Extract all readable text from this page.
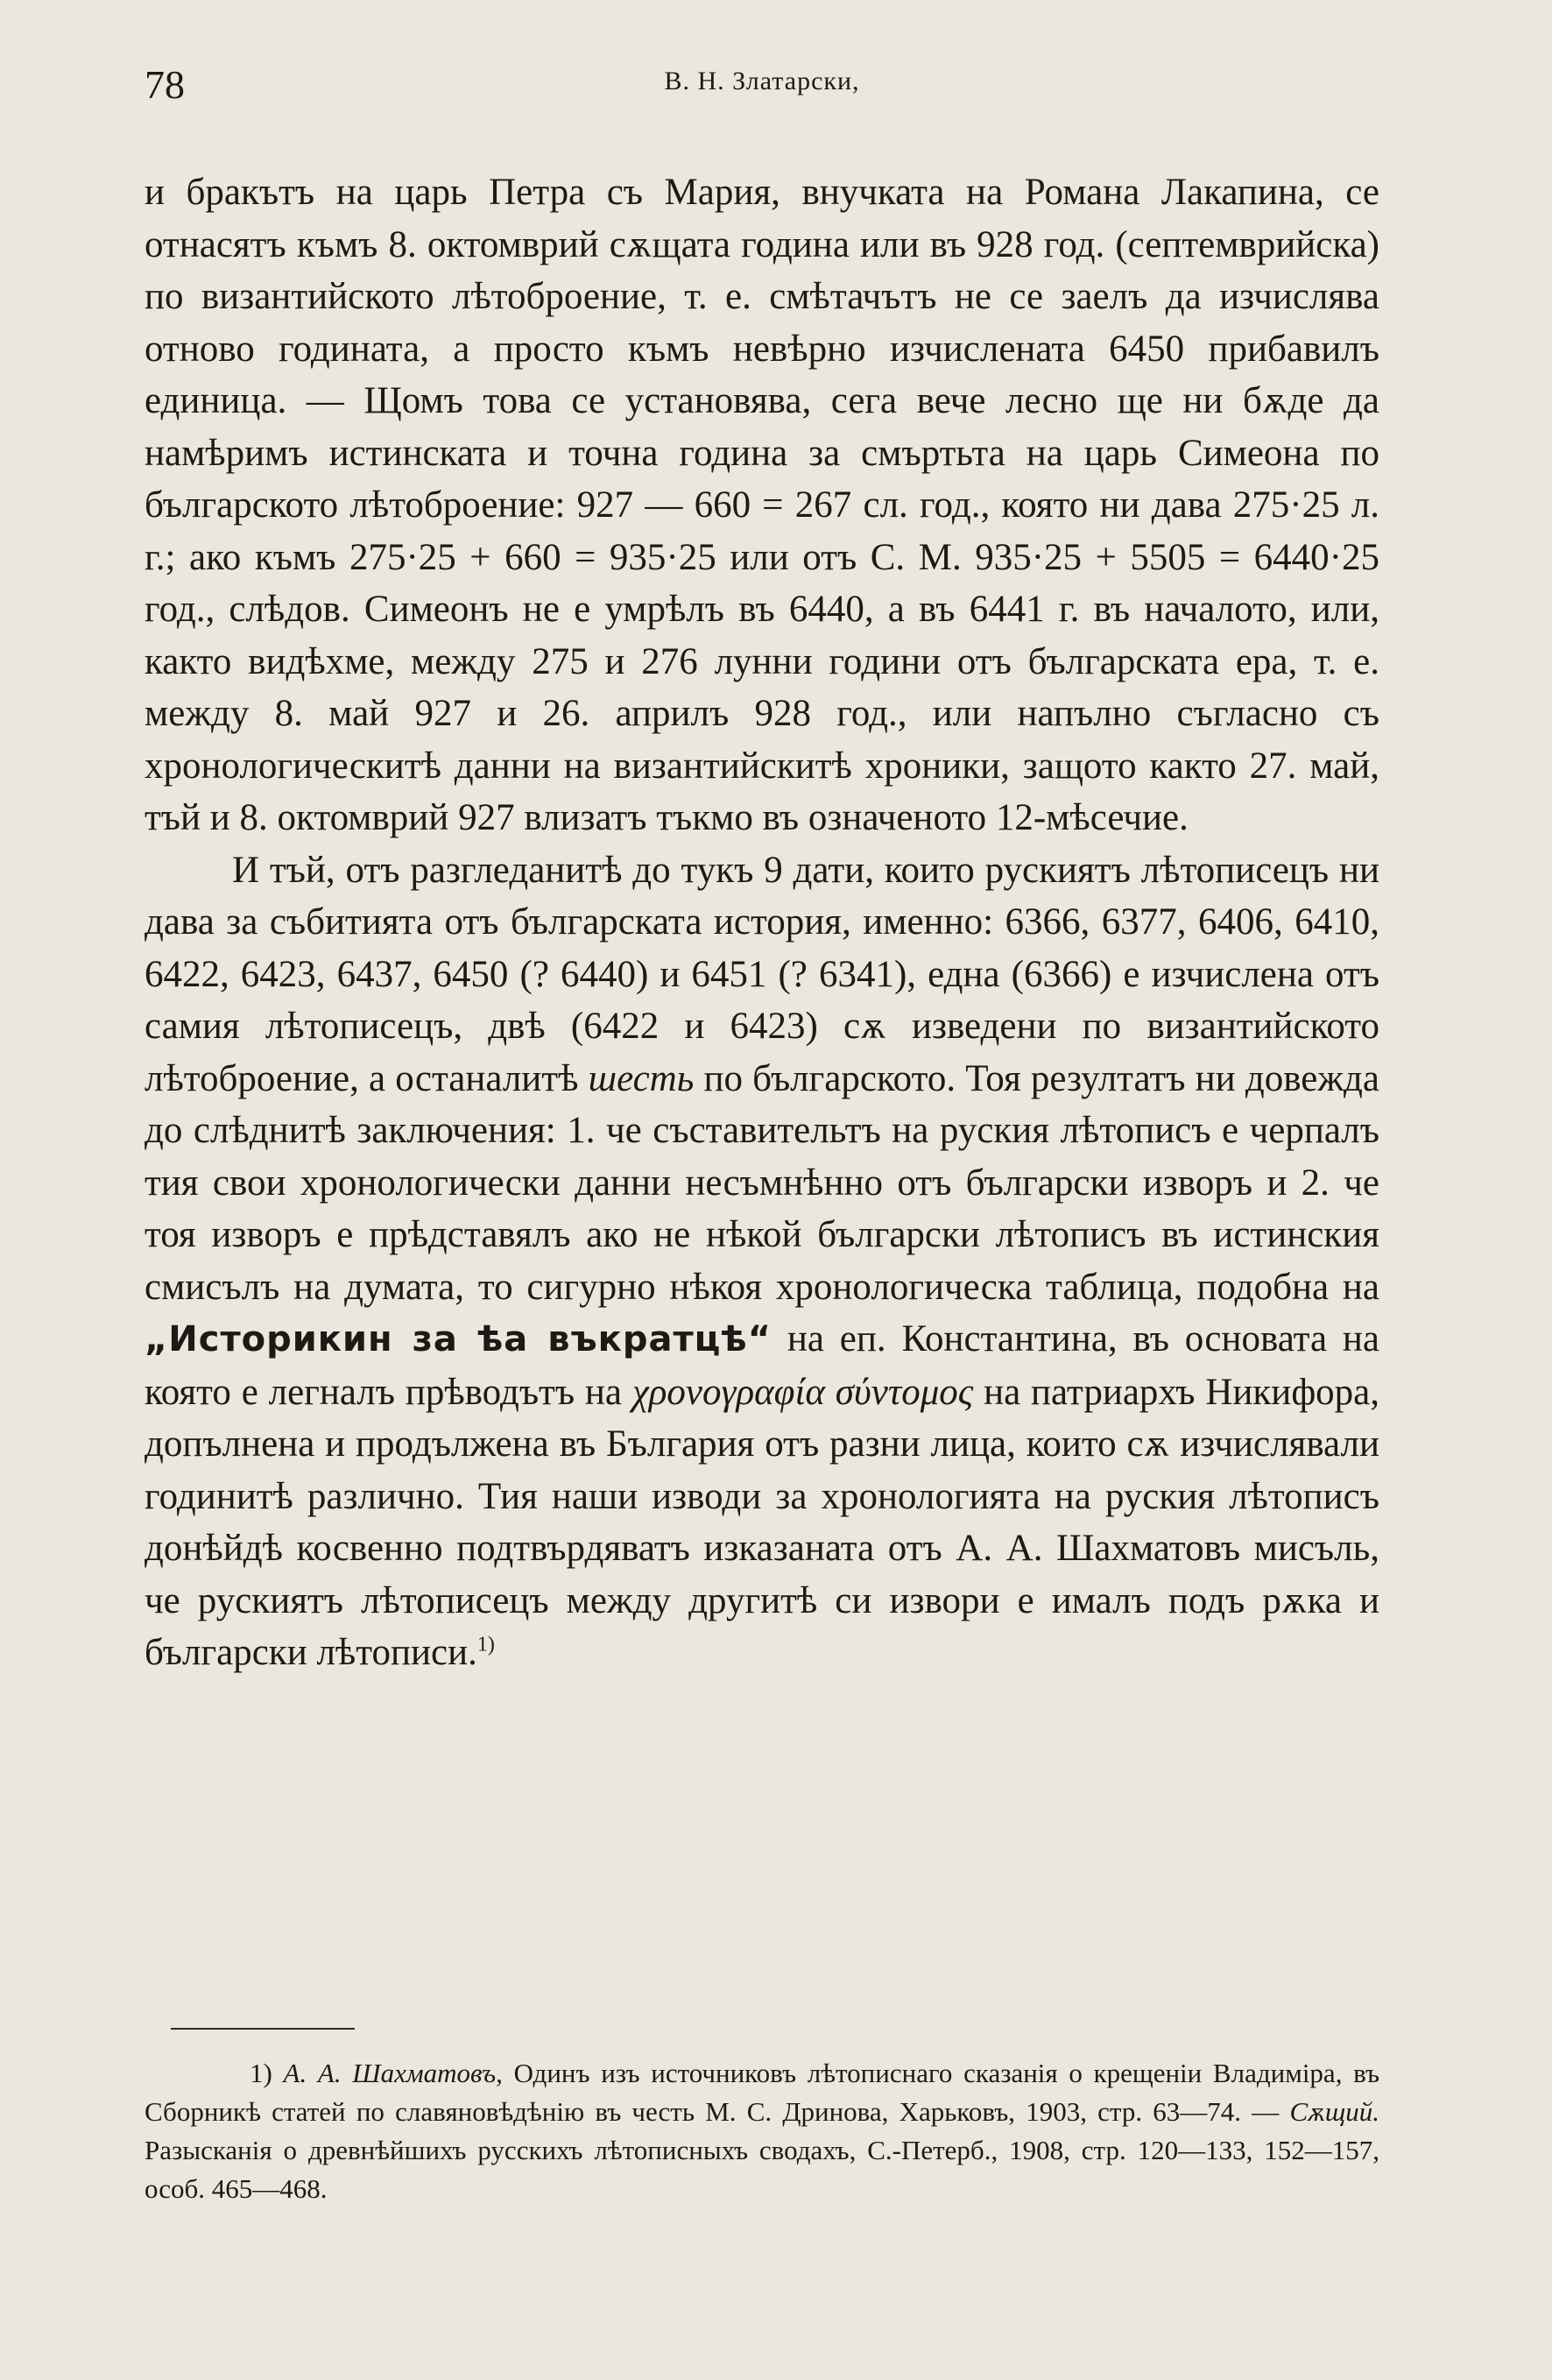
78	В. Н. Златарски,

и бракътъ на царь Петра съ Мария, внучката на Романа Лакапина, се отнасятъ къмъ 8. октомврий сѫщата година или въ 928 год. (септемврийска) по византийското лѣтоброение, т. е. смѣтачътъ не се заелъ да изчислява отново годината, а просто къмъ невѣрно изчислената 6450 прибавилъ единица. — Щомъ това се установява, сега вече лесно ще ни бѫде да намѣримъ истинската и точна година за смъртьта на царь Симеона по българското лѣтоброение: 927 — 660 = 267 сл. год., която ни дава 275·25 л. г.; ако къмъ 275·25 + 660 = 935·25 или отъ С. М. 935·25 + 5505 = 6440·25 год., слѣдов. Симеонъ не е умрѣлъ въ 6440, а въ 6441 г. въ началото, или, както видѣхме, между 275 и 276 лунни години отъ българската ера, т. е. между 8. май 927 и 26. априлъ 928 год., или напълно съгласно съ хронологическитѣ данни на византийскитѣ хроники, защото както 27. май, тъй и 8. октомврий 927 влизатъ тъкмо въ означеното 12-мѣсечие.

И тъй, отъ разгледанитѣ до тукъ 9 дати, които рускиятъ лѣтописецъ ни дава за събитията отъ българската история, именно: 6366, 6377, 6406, 6410, 6422, 6423, 6437, 6450 (? 6440) и 6451 (? 6341), една (6366) е изчислена отъ самия лѣтописецъ, двѣ (6422 и 6423) сѫ изведени по византийското лѣтоброение, а останалитѣ шесть по българското. Тоя резултатъ ни довежда до слѣднитѣ заключения: 1. че съставительтъ на руския лѣтописъ е черпалъ тия свои хронологически данни несъмнѣнно отъ български изворъ и 2. че тоя изворъ е прѣдставялъ ако не нѣкой български лѣтописъ въ истинския смисълъ на думата, то сигурно нѣкоя хронологическа таблица, подобна на „Историкин за ѣа въкратцѣ“ на еп. Константина, въ основата на която е легналъ прѣводътъ на χρονογραφία σύντομος на патриархъ Никифора, допълнена и продължена въ България отъ разни лица, които сѫ изчислявали годинитѣ различно. Тия наши изводи за хронологията на руския лѣтописъ донѣйдѣ косвенно подтвърдяватъ изказаната отъ А. А. Шахматовъ мисъль, че рускиятъ лѣтописецъ между другитѣ си извори е ималъ подъ рѫка и български лѣтописи.$^{1)}$

1) А. А. Шахматовъ, Одинъ изъ источниковъ лѣтописнаго сказанія о крещеніи Владиміра, въ Сборникѣ статей по славяновѣдѣнію въ честь М. С. Дринова, Харьковъ, 1903, стр. 63—74. — Сѫщий. Разысканія о древнѣйшихъ русскихъ лѣтописныхъ сводахъ, С.-Петерб., 1908, стр. 120—133, 152—157, особ. 465—468.
